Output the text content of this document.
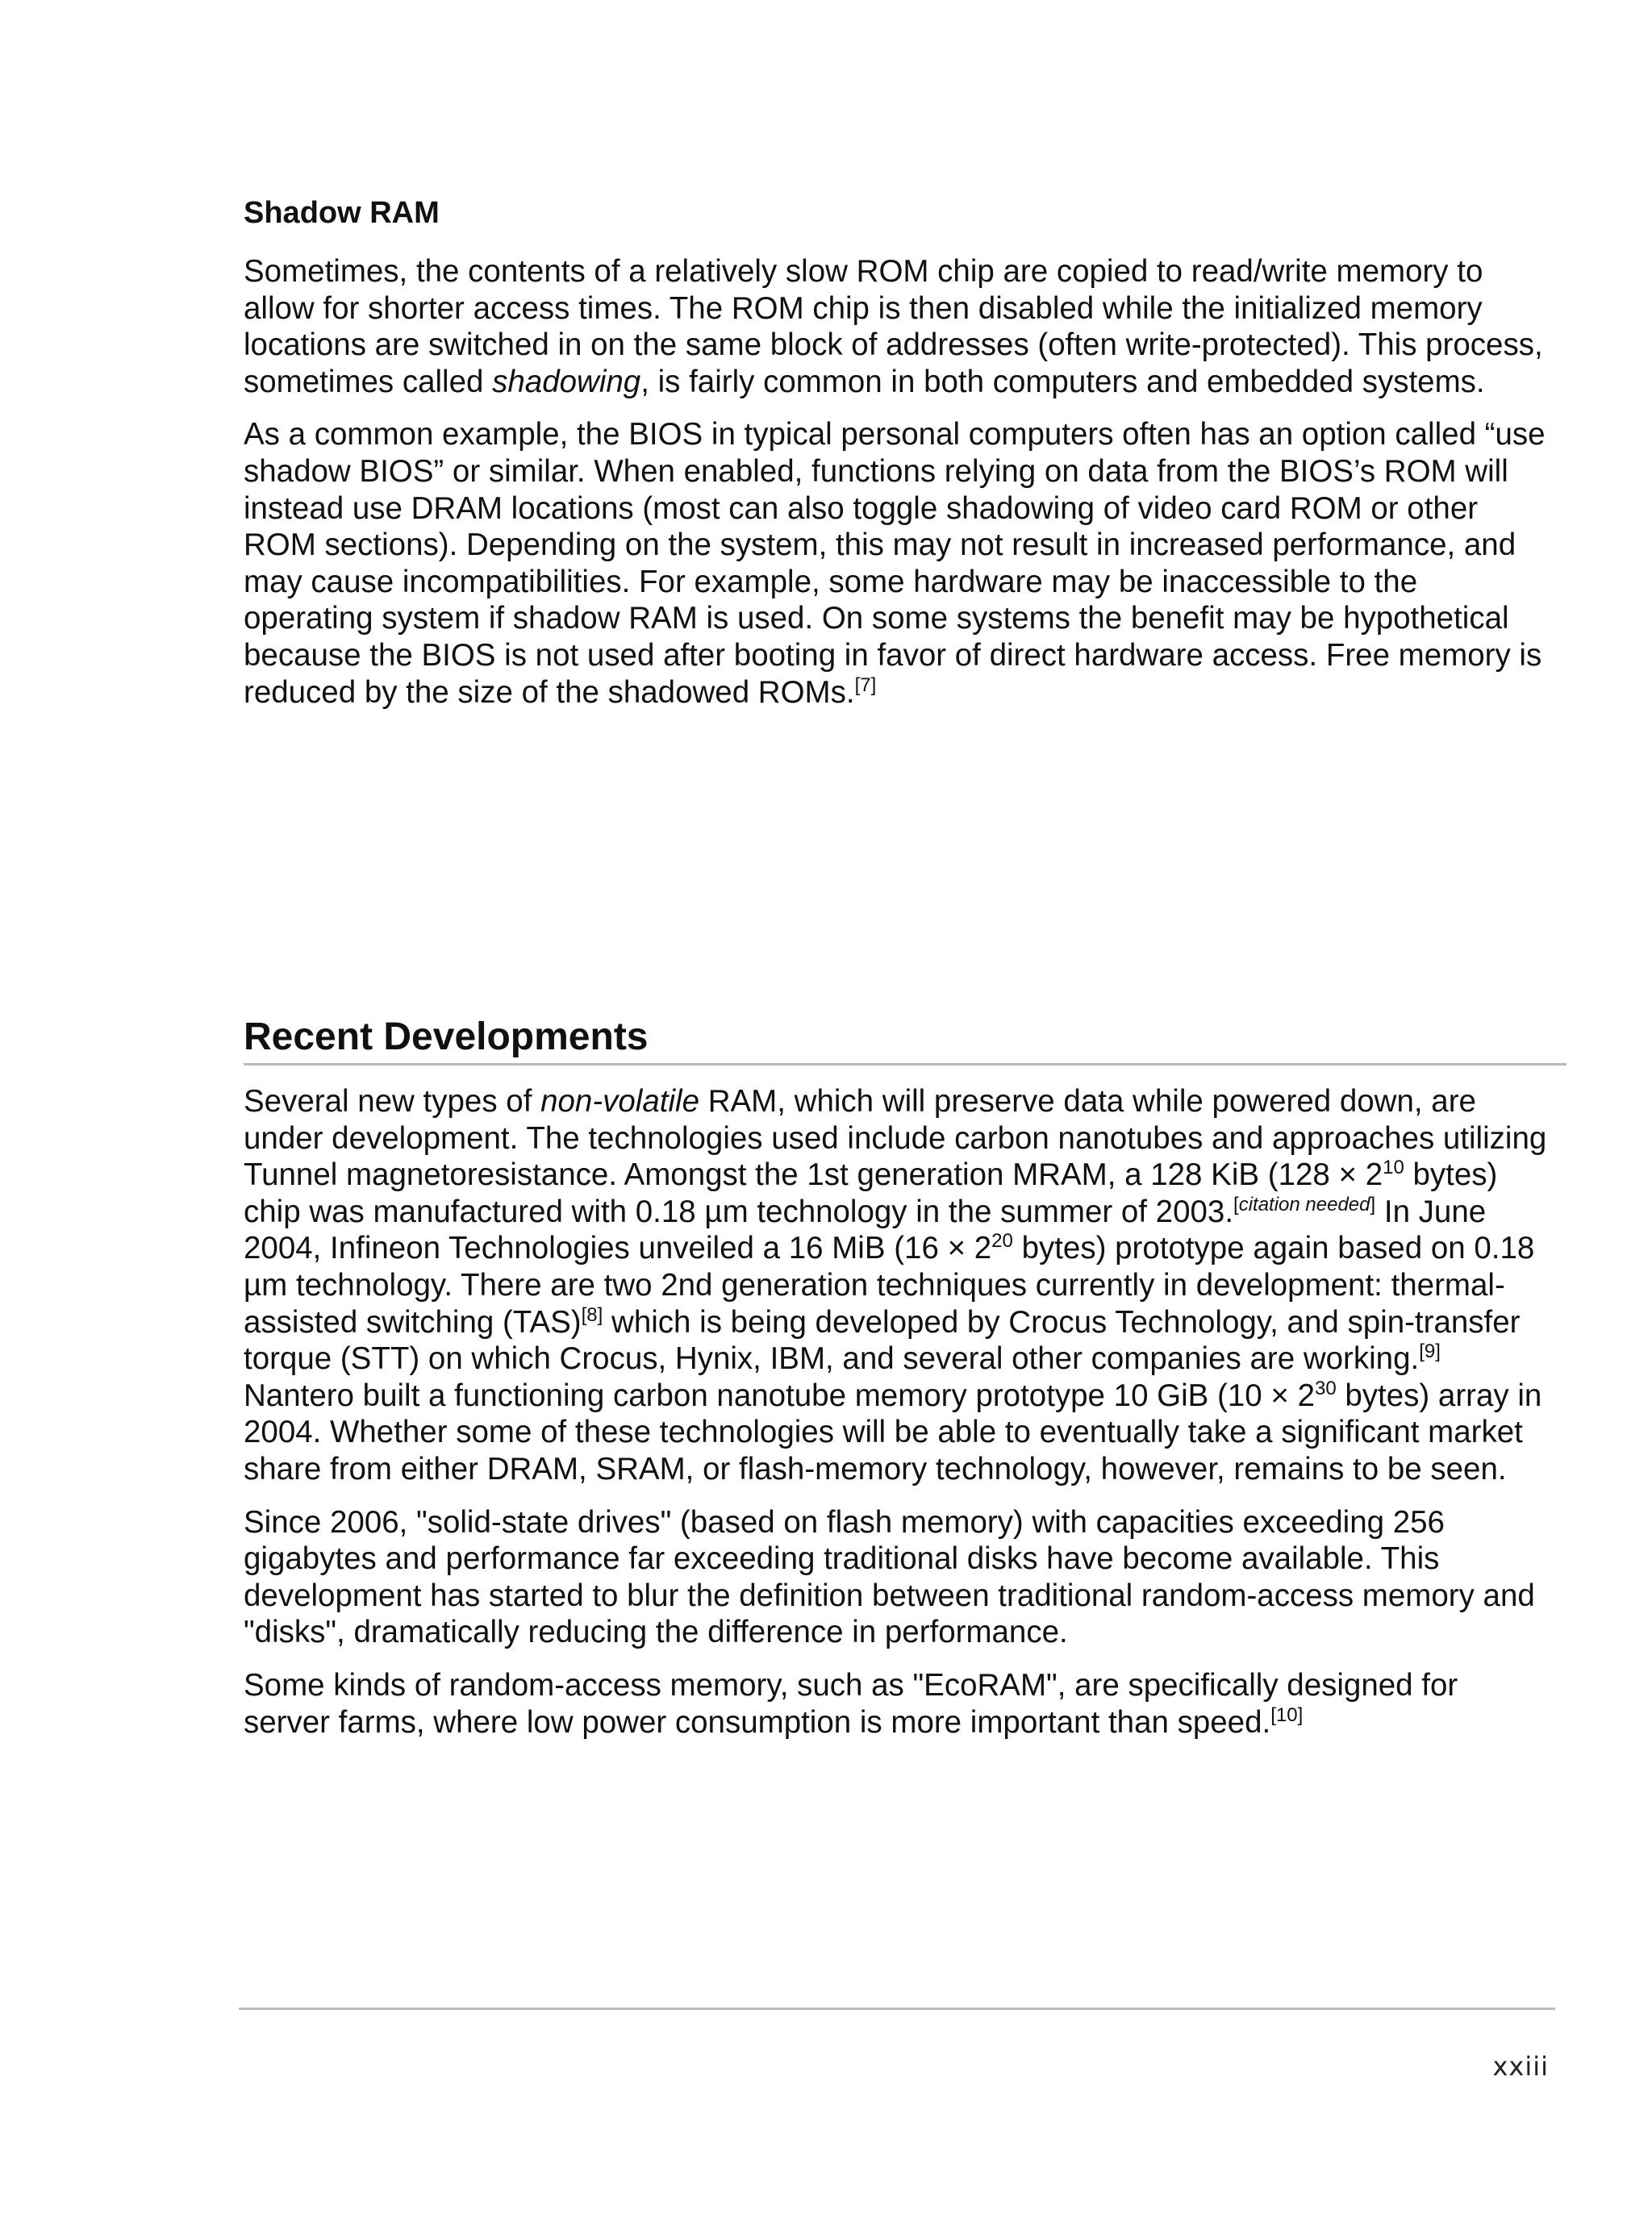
Shadow RAM

Sometimes, the contents of a relatively slow ROM chip are copied to read/write memory to allow for shorter access times. The ROM chip is then disabled while the initialized memory locations are switched in on the same block of addresses (often write-protected). This process, sometimes called shadowing, is fairly common in both computers and embedded systems.

As a common example, the BIOS in typical personal computers often has an option called “use shadow BIOS” or similar. When enabled, functions relying on data from the BIOS’s ROM will instead use DRAM locations (most can also toggle shadowing of video card ROM or other ROM sections). Depending on the system, this may not result in increased performance, and may cause incompatibilities. For example, some hardware may be inaccessible to the operating system if shadow RAM is used. On some systems the benefit may be hypothetical because the BIOS is not used after booting in favor of direct hardware access. Free memory is reduced by the size of the shadowed ROMs.[7]

Recent Developments

Several new types of non-volatile RAM, which will preserve data while powered down, are under development. The technologies used include carbon nanotubes and approaches utilizing Tunnel magnetoresistance. Amongst the 1st generation MRAM, a 128 KiB ($128 \times 2^{10}$ bytes) chip was manufactured with 0.18 µm technology in the summer of 2003.[citation needed] In June 2004, Infineon Technologies unveiled a 16 MiB ($16 \times 2^{20}$ bytes) prototype again based on 0.18 µm technology. There are two 2nd generation techniques currently in development: thermal-assisted switching (TAS)[8] which is being developed by Crocus Technology, and spin-transfer torque (STT) on which Crocus, Hynix, IBM, and several other companies are working.[9] Nantero built a functioning carbon nanotube memory prototype 10 GiB ($10 \times 2^{30}$ bytes) array in 2004. Whether some of these technologies will be able to eventually take a significant market share from either DRAM, SRAM, or flash-memory technology, however, remains to be seen.

Since 2006, "solid-state drives" (based on flash memory) with capacities exceeding 256 gigabytes and performance far exceeding traditional disks have become available. This development has started to blur the definition between traditional random-access memory and "disks", dramatically reducing the difference in performance.

Some kinds of random-access memory, such as "EcoRAM", are specifically designed for server farms, where low power consumption is more important than speed.[10]

xxiii
